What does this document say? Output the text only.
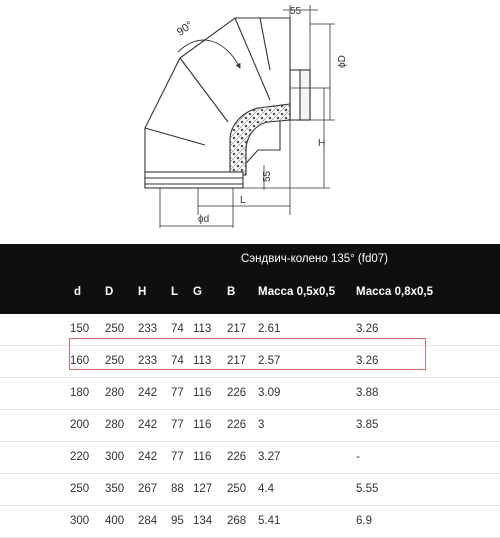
90°
55
ϕD
H
55
L
ϕd
Сэндвич-колено 135° (fd07)
d D H L G B Масса 0,5x0,5 Масса 0,8x0,5
150 250 233 74 113 217 2.61	3.26
160 250 233 74 113 217 2.57	3.26
180 280 242 77 116 226 3.09	3.88
200 280 242 77 116 226 3	3.85
220 300 242 77 116 226 3.27	-
250 350 267 88 127 250 4.4	5.55
300 400 284 95 134 268 5.41	6.9
